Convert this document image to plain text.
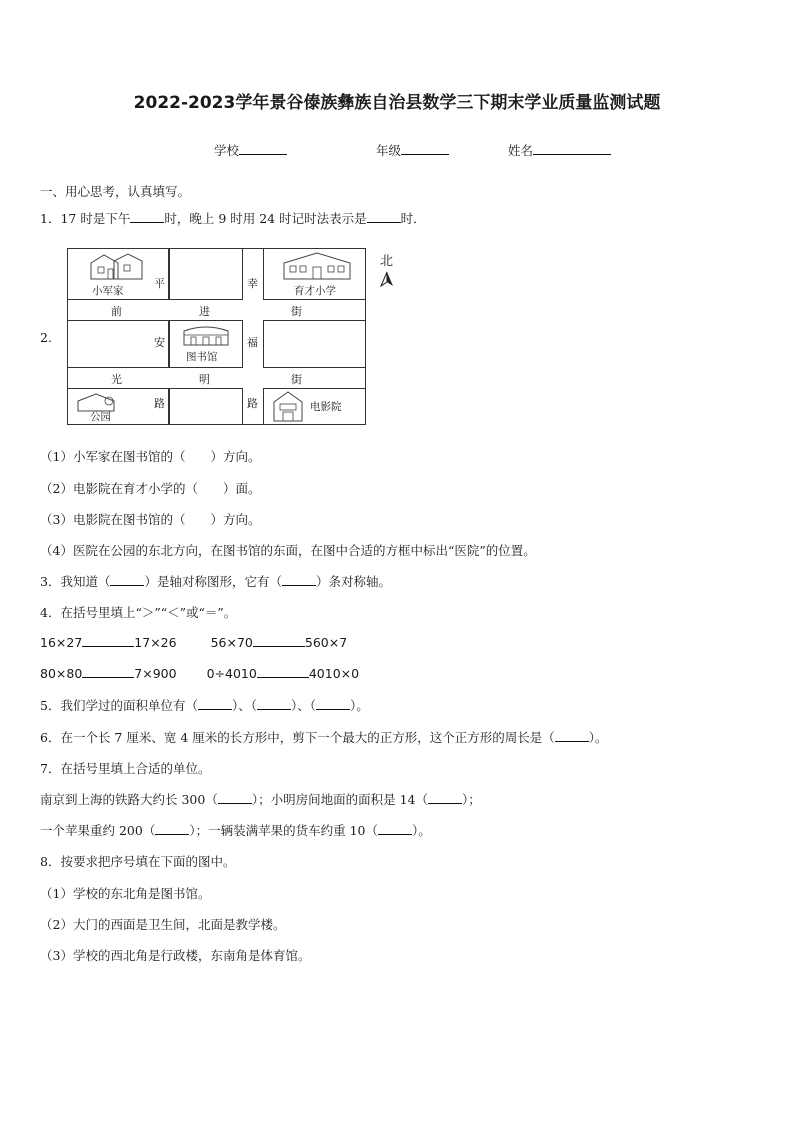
2022-2023学年景谷傣族彝族自治县数学三下期末学业质量监测试题
学校	年级	姓名
一、用心思考，认真填写。
1．17 时是下午	时，晚上 9 时用 24 时记时法表示是	时．
2.
北
小军家	育才小学
图书馆
公园
电影院
前	进	街
光	明	街
平
安
路
幸
福
路
（1）小军家在图书馆的（　　）方向。
（2）电影院在育才小学的（　　）面。
（3）电影院在图书馆的（　　）方向。
（4）医院在公园的东北方向，在图书馆的东面，在图中合适的方框中标出“医院”的位置。
3．我知道（	）是轴对称图形，它有（	）条对称轴。
4．在括号里填上“＞”“＜”或“＝”。
16×27	17×26	56×70	560×7
80×80	7×900 0÷4010	4010×0
5．我们学过的面积单位有（	）、（	）、（	）。
6．在一个长 7 厘米、宽 4 厘米的长方形中，剪下一个最大的正方形，这个正方形的周长是（	）。
7．在括号里填上合适的单位。
南京到上海的铁路大约长 300（	）；小明房间地面的面积是 14（	）；
一个苹果重约 200（	）；一辆装满苹果的货车约重 10（	）。
8．按要求把序号填在下面的图中。
（1）学校的东北角是图书馆。
（2）大门的西面是卫生间，北面是教学楼。
（3）学校的西北角是行政楼，东南角是体育馆。
